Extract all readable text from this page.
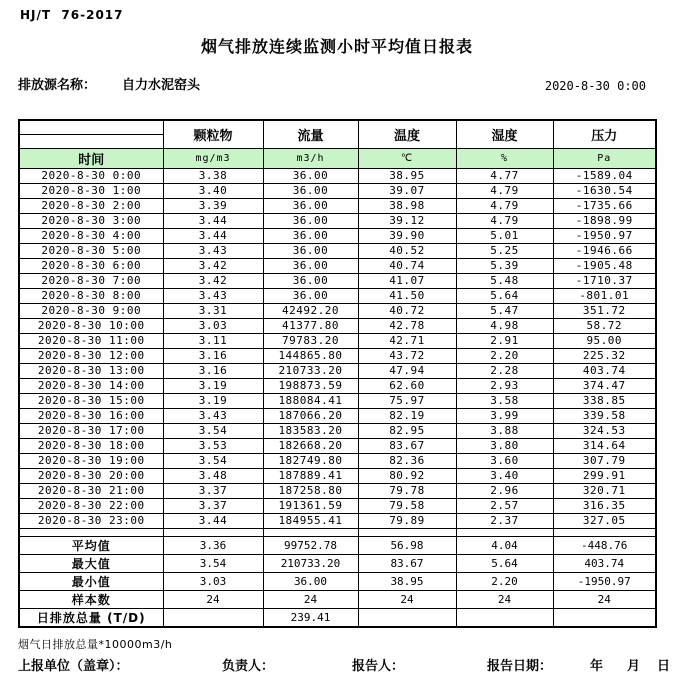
HJ/T  76-2017
烟气排放连续监测小时平均值日报表
排放源名称： 自力水泥窑头	2020-8-30 0:00
	颗粒物	流量	温度	湿度	压力

时间	mg/m3	m3/h	℃	%	Pa
2020-8-30 0:00	3.38	36.00	38.95	4.77	-1589.04
2020-8-30 1:00	3.40	36.00	39.07	4.79	-1630.54
2020-8-30 2:00	3.39	36.00	38.98	4.79	-1735.66
2020-8-30 3:00	3.44	36.00	39.12	4.79	-1898.99
2020-8-30 4:00	3.44	36.00	39.90	5.01	-1950.97
2020-8-30 5:00	3.43	36.00	40.52	5.25	-1946.66
2020-8-30 6:00	3.42	36.00	40.74	5.39	-1905.48
2020-8-30 7:00	3.42	36.00	41.07	5.48	-1710.37
2020-8-30 8:00	3.43	36.00	41.50	5.64	-801.01
2020-8-30 9:00	3.31	42492.20	40.72	5.47	351.72
2020-8-30 10:00	3.03	41377.80	42.78	4.98	58.72
2020-8-30 11:00	3.11	79783.20	42.71	2.91	95.00
2020-8-30 12:00	3.16	144865.80	43.72	2.20	225.32
2020-8-30 13:00	3.16	210733.20	47.94	2.28	403.74
2020-8-30 14:00	3.19	198873.59	62.60	2.93	374.47
2020-8-30 15:00	3.19	188084.41	75.97	3.58	338.85
2020-8-30 16:00	3.43	187066.20	82.19	3.99	339.58
2020-8-30 17:00	3.54	183583.20	82.95	3.88	324.53
2020-8-30 18:00	3.53	182668.20	83.67	3.80	314.64
2020-8-30 19:00	3.54	182749.80	82.36	3.60	307.79
2020-8-30 20:00	3.48	187889.41	80.92	3.40	299.91
2020-8-30 21:00	3.37	187258.80	79.78	2.96	320.71
2020-8-30 22:00	3.37	191361.59	79.58	2.57	316.35
2020-8-30 23:00	3.44	184955.41	79.89	2.37	327.05

平均值	3.36	99752.78	56.98	4.04	-448.76
最大值	3.54	210733.20	83.67	5.64	403.74
最小值	3.03	36.00	38.95	2.20	-1950.97
样本数	24	24	24	24	24
日排放总量 (T/D)		239.41			
烟气日排放总量*10000m3/h
上报单位（盖章）：	负责人：	报告人：	报告日期：	年 月 日
